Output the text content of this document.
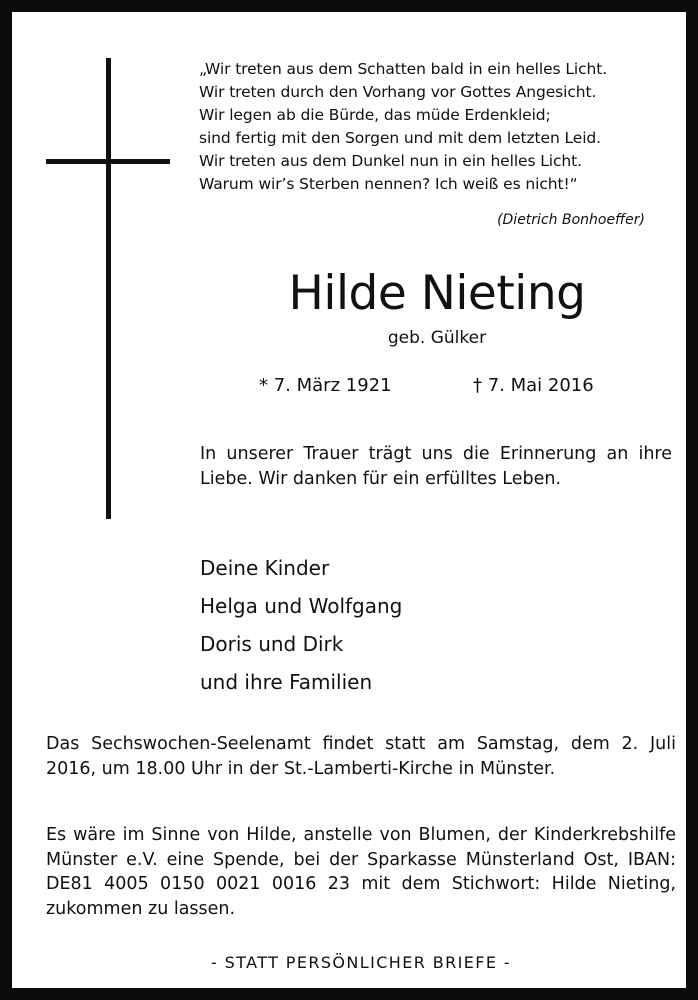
„Wir treten aus dem Schatten bald in ein helles Licht.
Wir treten durch den Vorhang vor Gottes Angesicht.
Wir legen ab die Bürde, das müde Erdenkleid;
sind fertig mit den Sorgen und mit dem letzten Leid.
Wir treten aus dem Dunkel nun in ein helles Licht.
Warum wir’s Sterben nennen? Ich weiß es nicht!“
(Dietrich Bonhoeffer)
Hilde Nieting
geb. Gülker
* 7. März 1921	† 7. Mai 2016
In unserer Trauer trägt uns die Erinnerung an ihre Liebe. Wir danken für ein erfülltes Leben.
Deine Kinder
Helga und Wolfgang
Doris und Dirk
und ihre Familien
Das Sechswochen-Seelenamt findet statt am Samstag, dem 2. Juli 2016, um 18.00 Uhr in der St.-Lamberti-Kirche in Münster.
Es wäre im Sinne von Hilde, anstelle von Blumen, der Kinderkrebshilfe Münster e.V. eine Spende, bei der Sparkasse Münsterland Ost, IBAN: DE81 4005 0150 0021 0016 23 mit dem Stichwort: Hilde Nieting, zukommen zu lassen.
- STATT PERSÖNLICHER BRIEFE -
